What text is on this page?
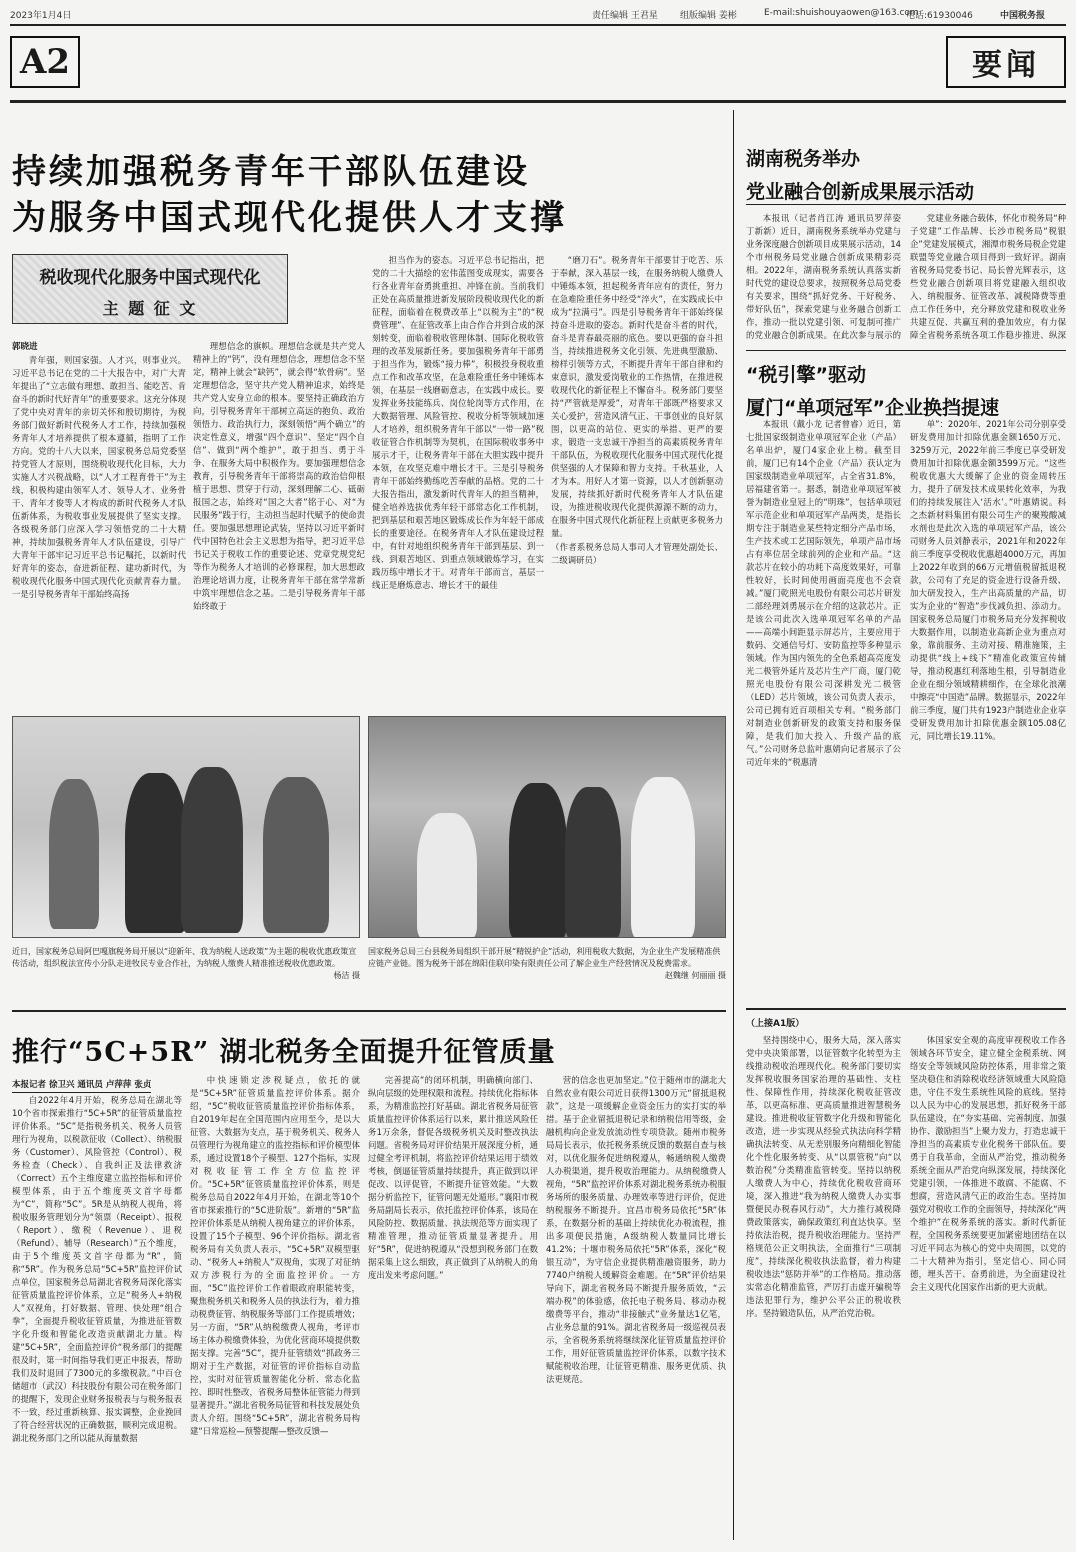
2023年1月4日	责任编辑 王君星 组版编辑 姜彬	E-mail:shuishouyaowen@163.com
电话:61930046	中国税务报
A2	要闻
持续加强税务青年干部队伍建设
为服务中国式现代化提供人才支撑
税收现代化服务中国式现代化
主 题 征 文
郭晓进

青年强，则国家强。人才兴，则事业兴。习近平总书记在党的二十大报告中，对广大青年提出了“立志做有理想、敢担当、能吃苦、肯奋斗的新时代好青年”的重要要求。这充分体现了党中央对青年的亲切关怀和殷切期待，为税务部门做好新时代税务人才工作，持续加强税务青年人才培养提供了根本遵循，指明了工作方向。党的十八大以来，国家税务总局党委坚持党管人才原则，围绕税收现代化目标，大力实施人才兴税战略，以“人才工程育骨干”为主线，积极构建由领军人才、领导人才、业务骨干、青年才俊等人才构成的新时代税务人才队伍新体系，为税收事业发展提供了坚实支撑。各级税务部门应深入学习领悟党的二十大精神，持续加强税务青年人才队伍建设，引导广大青年干部牢记习近平总书记嘱托，以新时代好青年的姿态，奋进新征程、建功新时代，为税收现代化服务中国式现代化贡献青春力量。一是引导税务青年干部始终高扬

理想信念的旗帜。理想信念就是共产党人精神上的“钙”，没有理想信念，理想信念不坚定，精神上就会“缺钙”，就会得“软骨病”。坚定理想信念，坚守共产党人精神追求，始终是共产党人安身立命的根本。要坚持正确政治方向，引导税务青年干部树立高远的抱负、政治领悟力、政治执行力，深刻领悟“两个确立”的决定性意义，增强“四个意识”、坚定“四个自信”、做到“两个维护”，敢于担当、勇于斗争、在服务大局中积极作为。要加强理想信念教育，引导税务青年干部将崇高的政治信仰根植于思想、贯穿于行动，深刻理解二心、砥砺报国之志，始终对“国之大者”铭于心、对“为民服务”践于行，主动担当起时代赋予的使命责任。要加强思想理论武装，坚持以习近平新时代中国特色社会主义思想为指导，把习近平总书记关于税收工作的重要论述、党章党规党纪等作为税务人才培训的必修课程，加大思想政治理论培训力度，让税务青年干部在常学常新中筑牢理想信念之基。二是引导税务青年干部始终敢于

担当作为的姿态。习近平总书记指出，把党的二十大描绘的宏伟蓝图变成现实，需要各行各业青年奋勇挑重担、冲锋在前。当前我们正处在高质量推进新发展阶段税收现代化的新征程，面临着在税费改革上“以税为主”的“税费管理”、在征管改革上由合作合并到合成的深刻转变，面临着税收管理体制、国际化税收管理的改革发展新任务。要加强税务青年干部勇于担当作为，锻炼“接力棒”，积极投身税收重点工作和改革攻坚，在急难险重任务中锤炼本领，在基层一线磨砺意志，在实践中成长。要发挥业务技能练兵、岗位轮岗等方式作用，在大数据管理、风险管控、税收分析等领域加速人才培养，组织税务青年干部以“一带一路”税收征管合作机制等为契机，在国际税收事务中展示才干，让税务青年干部在大胆实践中提升本领，在攻坚克难中增长才干。三是引导税务青年干部始终勤练吃苦奉献的品格。党的二十大报告指出，激发新时代青年人的担当精神，健全培养选拔优秀年轻干部常态化工作机制，把到基层和艰苦地区锻炼成长作为年轻干部成长的重要途径。在税务青年人才队伍建设过程中，有针对地组织税务青年干部到基层、到一线、到艰苦地区、到重点领域锻炼学习，在实践历练中增长才干。对青年干部而言，基层一线正是磨炼意志、增长才干的最佳

“磨刀石”。税务青年干部要甘于吃苦、乐于奉献，深入基层一线，在服务纳税人缴费人中锤炼本领，担起税务青年应有的责任，努力在急难险重任务中经受“淬火”，在实践成长中成为“拉满弓”。四是引导税务青年干部始终保持奋斗进取的姿态。新时代是奋斗者的时代，奋斗是青春最亮丽的底色。要以更强的奋斗担当，持续推进税务文化引领、先进典型激励、榜样引领等方式，不断提升青年干部自律和约束意识，激发爱岗敬业的工作热情，在推进税收现代化的新征程上不懈奋斗。税务部门要坚持“严管就是厚爱”，对青年干部既严格要求又关心爱护，营造风清气正、干事创业的良好氛围，以更高的站位、更实的举措、更严的要求，锻造一支忠诚干净担当的高素质税务青年干部队伍，为税收现代化服务中国式现代化提供坚强的人才保障和智力支持。千秋基业，人才为本。用好人才第一资源，以人才创新驱动发展，持续抓好新时代税务青年人才队伍建设，为推进税收现代化提供源源不断的动力，在服务中国式现代化新征程上贡献更多税务力量。

（作者系税务总局人事司人才管理处副处长、二级调研员）

湖南税务举办
党业融合创新成果展示活动

本报讯（记者肖江涛 通讯员罗萍姿 丁新新）近日，湖南税务系统举办党建与业务深度融合创新项目成果展示活动，14个市州税务局党业融合创新成果精彩亮相。2022年，湖南税务系统认真落实新时代党的建设总要求，按照税务总局党委有关要求，围绕“抓好党务、干好税务、带好队伍”，探索党建与业务融合创新工作，推动一批以党建引领、可复制可推广的党业融合创新成果。在此次参与展示的

党建业务融合载体，怀化市税务局“种子党建”工作品牌、长沙市税务局“税银企”党建发展模式，湘潭市税务局税企党建联盟等党业融合项目得到一致好评。湖南省税务局党委书记、局长曾光辉表示，这些党业融合创新项目将党建融入组织收入、纳税服务、征管改革、减税降费等重点工作任务中，充分释放党建和税收业务共建互促、共赢互利的叠加效应，有力保障全省税务系统各项工作稳步推进、纵深

“税引擎”驱动
厦门“单项冠军”企业换挡提速

本报讯（戴小龙 记者曾睿）近日，第七批国家级制造业单项冠军企业（产品）名单出炉，厦门4家企业上榜。截至目前，厦门已有14个企业（产品）获认定为国家级制造业单项冠军，占全省31.8%，居福建省第一。据悉，制造业单项冠军被誉为制造业皇冠上的“明珠”，包括单项冠军示范企业和单项冠军产品两类，是指长期专注于制造业某些特定细分产品市场，生产技术或工艺国际领先，单项产品市场占有率位居全球前列的企业和产品。“这款芯片在较小的功耗下高度效果好，可靠性较好，长时间使用画面亮度也不会衰减。”厦门乾照光电股份有限公司芯片研发二部经理刘勇展示在介绍的这款芯片。正是该公司此次入选单项冠军名单的产品——高端小间距显示屏芯片，主要应用于数码、交通信号灯、安防监控等多种显示领域。作为国内领先的全色系超高亮度发光二极管外延片及芯片生产厂商，厦门乾照光电股份有限公司深耕发光二极管（LED）芯片领域，该公司负责人表示，公司已拥有近百项相关专利。“税务部门对制造业创新研发的政策支持和服务保障，是我们加大投入、升级产品的底气。”公司财务总监叶惠婧向记者展示了公司近年来的“税惠清

单”：2020年、2021年公司分别享受研发费用加计扣除优惠金额1650万元、3259万元，2022年前三季度已享受研发费用加计扣除优惠金额3599万元。“这些税收优惠大大缓解了企业的资金周转压力，提升了研发技术成果转化效率，为我们的持续发展注入‘活水’。”叶惠婧说。科之杰新材料集团有限公司生产的聚羧酸减水剂也是此次入选的单项冠军产品，该公司财务人员刘静表示，2021年和2022年前三季度享受税收优惠超4000万元，再加上2022年收到的66万元增值税留抵退税款，公司有了充足的资金进行设备升级、加大研发投入，生产出高质量的产品，切实为企业的“智造”步伐减负担、添动力。国家税务总局厦门市税务局充分发挥税收大数据作用，以制造业高新企业为重点对象，靠前服务、主动对接、精准施策，主动提供“线上+线下”精准化政策宣传辅导，推动税惠红利落地生根，引导制造业企业在细分领域精耕细作，在全球化浪潮中擦亮“中国造”品牌。数据显示，2022年前三季度，厦门共有1923户制造业企业享受研发费用加计扣除优惠金额105.08亿元，同比增长19.11%。

近日，国家税务总局阿巴嘎旗税务局开展以“迎新年、我为纳税人送政策”为主题的税收优惠政策宣传活动，组织税法宣传小分队走进牧民专业合作社，为纳税人缴费人精准推送税收优惠政策。
杨洁 摄
国家税务总局三台县税务局组织干部开展“精锐护企”活动，利用税收大数据，为企业生产发展精准供应链产业链。图为税务干部在绵阳佳联印染有限责任公司了解企业生产经营情况及税费需求。
赵魏继 何丽丽 摄
推行“5C+5R” 湖北税务全面提升征管质量
本报记者 徐卫兴 通讯员 卢萍萍 张贞

自2022年4月开始，税务总局在湖北等10个省市探索推行“5C+5R”的征管质量监控评价体系。“5C”是指税务机关、税务人员管理行为视角，以税款征收（Collect）、纳税服务（Customer）、风险管控（Control）、税务检查（Check）、自我纠正及法律救济（Correct）五个主维度建立监控指标和评价模型体系，由于五个维度英文首字母都为“C”，简称“5C”。5R是从纳税人视角，将税收服务管理划分为“领票（Receipt）、报税（Report）、缴税（Revenue）、退税（Refund）、辅导（Research）”五个维度，由于5个维度英文首字母都为“R”，简称“5R”。作为税务总局“5C+5R”监控评价试点单位，国家税务总局湖北省税务局深化落实征管质量监控评价体系，立足“税务人+纳税人”双视角，打好数据、管理、快处理“组合拳”，全面提升税收征管质量，为推进征管数字化升级和智能化改造贡献湖北力量。构建“5C+5R”，全面监控评价“税务部门的提醒很及时，第一时间指导我们更正申报表，帮助我们及时退回了7300元的多缴税款。”中百仓储超市（武汉）科技股份有限公司在税务部门的提醒下，发现企业财务报税表与与税务报表不一致，经过重新核算、报实调整，企业挽回了符合经营状况的正确数据，顺利完成退税。湖北税务部门之所以能从海量数据

中快速锁定涉税疑点，依托的就是“5C+5R”征管质量监控评价体系。据介绍，“5C”税收征管质量监控评价指标体系，自2019年起在全国范围内应用至今，是以大征管、大数据为支点，基于税务机关、税务人员管理行为视角建立的监控指标和评价模型体系，通过设置18个子模型、127个指标，实现对税收征管工作全方位监控评价。“5C+5R”征管质量监控评价体系，则是税务总局自2022年4月开始，在湖北等10个省市探索推行的“5C进阶版”。新增的“5R”监控评价体系是从纳税人视角建立的评价体系，设置了15个子模型、96个评价指标。湖北省税务局有关负责人表示，“5C+5R”双模型驱动、“税务人+纳税人”双视角，实现了对征纳双方涉税行为的全面监控评价。一方面，“5C”监控评价工作着眼政府职能转变，聚焦税务机关和税务人员的执法行为，着力推动税费征管、纳税服务等部门工作提质增效；另一方面，“5R”从纳税缴费人视角，考评市场主体办税缴费体验，为优化营商环境提供数据支撑。完善“5C”，提升征管绩效“抓政务三期对于生产数据，对征管的评价指标自动监控，实时对征管质量智能化分析、常态化监控、即时性整改，省税务局整体征管能力得到显著提升。”湖北省税务局征管和科技发展处负责人介绍。围绕“5C+5R”，湖北省税务局构建“日常巡检—预警提醒—整改反馈—

完善提高”的闭环机制，明确横向部门、纵向层级的处理权限和流程。持续优化指标体系，为精准监控打好基础。湖北省税务局征管质量监控评价体系运行以来，累计推送风险任务1万余条，督促各级税务机关及时整改执法问题。省税务局对评价结果开展深度分析，通过健全考评机制，将监控评价结果运用于绩效考核，倒逼征管质量持续提升，真正做到以评促改、以评促管，不断提升征管效能。“大数据分析监控下，征管问题无处遁形。”襄阳市税务局副局长表示，依托监控评价体系，该局在风险防控、数据质量、执法规范等方面实现了精准管理，推动征管质量显著提升。用好“5R”，促进纳税遵从“没想到税务部门在数据采集上这么细致，真正做到了从纳税人的角度出发来考虑问题。”

营的信念也更加坚定。”位于随州市的湖北大自然农业有限公司近日获得1300万元“留抵退税款”，这是一项缓解企业资金压力的实打实的举措。基于企业留抵退税记录和纳税信用等级，金融机构向企业发放流动性专项贷款。随州市税务局局长表示，依托税务系统反馈的数据自查与核对，以优化服务促进纳税遵从，畅通纳税人缴费人办税渠道，提升税收治理能力。从纳税缴费人视角，“5R”监控评价体系对湖北税务系统办税服务场所的服务质量、办理效率等进行评价，促进纳税服务不断提升。宜昌市税务局依托“5R”体系，在数据分析的基础上持续优化办税流程，推出多项便民措施，A级纳税人数量同比增长41.2%；十堰市税务局依托“5R”体系，深化“税银互动”，为守信企业提供精准融资服务，助力7740户纳税人缓解资金难题。在“5R”评价结果导向下，湖北省税务局不断提升服务质效，“云端办税”的体验感，依托电子税务局、移动办税缴费等平台，推动“非接触式”业务量达1亿笔，占业务总量的91%。湖北省税务局一级巡视员表示，全省税务系统将继续深化征管质量监控评价工作，用好征管质量监控评价体系，以数字技术赋能税收治理，让征管更精准、服务更优质、执法更规范。

（上接A1版）

坚持围绕中心，服务大局，深入落实党中央决策部署，以征管数字化转型为主线推动税收治理现代化。税务部门要切实发挥税收服务国家治理的基础性、支柱性、保障性作用，持续深化税收征管改革，以更高标准、更高质量推进智慧税务建设。推进税收征管数字化升级和智能化改造，进一步实现从经验式执法向科学精确执法转变、从无差别服务向精细化智能化个性化服务转变、从“以票管税”向“以数治税”分类精准监管转变。坚持以纳税人缴费人为中心，持续优化税收营商环境，深入推进“我为纳税人缴费人办实事暨便民办税春风行动”，大力推行减税降费政策落实，确保政策红利直达快享。坚持依法治税，提升税收治理能力。坚持严格规范公正文明执法，全面推行“三项制度”，持续深化税收执法监督，着力构建税收违法“惩防并举”的工作格局。推动落实常态化精准监管，严厉打击虚开骗税等违法犯罪行为，维护公平公正的税收秩序。坚持锻造队伍，从严治党治税。

体国家安全观的高度审视税收工作各领域各环节安全，建立健全金税系统、网络安全等领域风险防控体系，用非常之策坚决稳住和消除税收经济领域重大风险隐患，守住不发生系统性风险的底线。坚持以人民为中心的发展思想，抓好税务干部队伍建设，在“夯实基础、完善制度、加强协作、激励担当”上聚力发力，打造忠诚干净担当的高素质专业化税务干部队伍。要勇于自我革命，全面从严治党，推动税务系统全面从严治党向纵深发展，持续深化党建引领，一体推进不敢腐、不能腐、不想腐，营造风清气正的政治生态。坚持加强党对税收工作的全面领导，持续深化“两个维护”在税务系统的落实。新时代新征程，全国税务系统要更加紧密地团结在以习近平同志为核心的党中央周围，以党的二十大精神为指引，坚定信心、同心同德，埋头苦干、奋勇前进，为全面建设社会主义现代化国家作出新的更大贡献。
